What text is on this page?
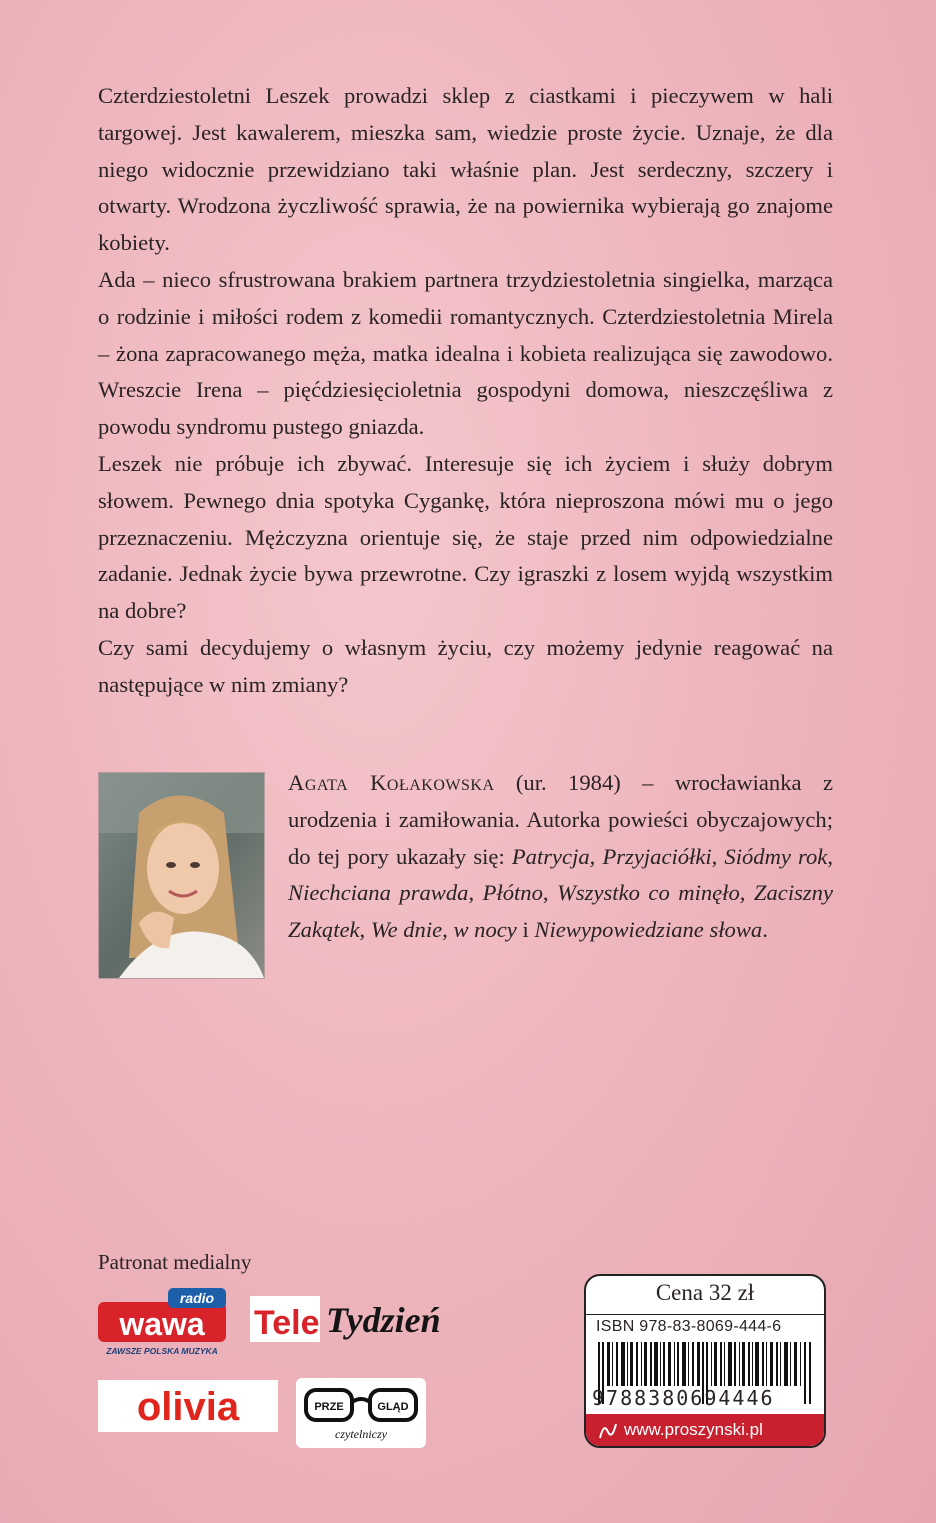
Czterdziestoletni Leszek prowadzi sklep z ciastkami i pieczywem w hali targowej. Jest kawalerem, mieszka sam, wiedzie proste życie. Uznaje, że dla niego widocznie przewidziano taki właśnie plan. Jest serdeczny, szczery i otwarty. Wrodzona życzliwość sprawia, że na powiernika wybierają go znajome kobiety.

Ada – nieco sfrustrowana brakiem partnera trzydziestoletnia singielka, marząca o rodzinie i miłości rodem z komedii romantycznych. Czterdziestoletnia Mirela – żona zapracowanego męża, matka idealna i kobieta realizująca się zawodowo. Wreszcie Irena – pięćdziesięcioletnia gospodyni domowa, nieszczęśliwa z powodu syndromu pustego gniazda.

Leszek nie próbuje ich zbywać. Interesuje się ich życiem i służy dobrym słowem. Pewnego dnia spotyka Cygankę, która nieproszona mówi mu o jego przeznaczeniu. Mężczyzna orientuje się, że staje przed nim odpowiedzialne zadanie. Jednak życie bywa przewrotne. Czy igraszki z losem wyjdą wszystkim na dobre?

Czy sami decydujemy o własnym życiu, czy możemy jedynie reagować na następujące w nim zmiany?

Agata Kołakowska (ur. 1984) – wrocławianka z urodzenia i zamiłowania. Autorka powieści obyczajowych; do tej pory ukazały się: Patrycja, Przyjaciółki, Siódmy rok, Niechciana prawda, Płótno, Wszystko co minęło, Zaciszny Zakątek, We dnie, w nocy i Niewypowiedziane słowa.
Patronat medialny
radio
wawa
ZAWSZE POLSKA MUZYKA
Tele Tydzień
olivia	PRZE	GLĄD
czytelniczy
Cena 32 zł
ISBN 978-83-8069-444-6
9788380694446
www.proszynski.pl
